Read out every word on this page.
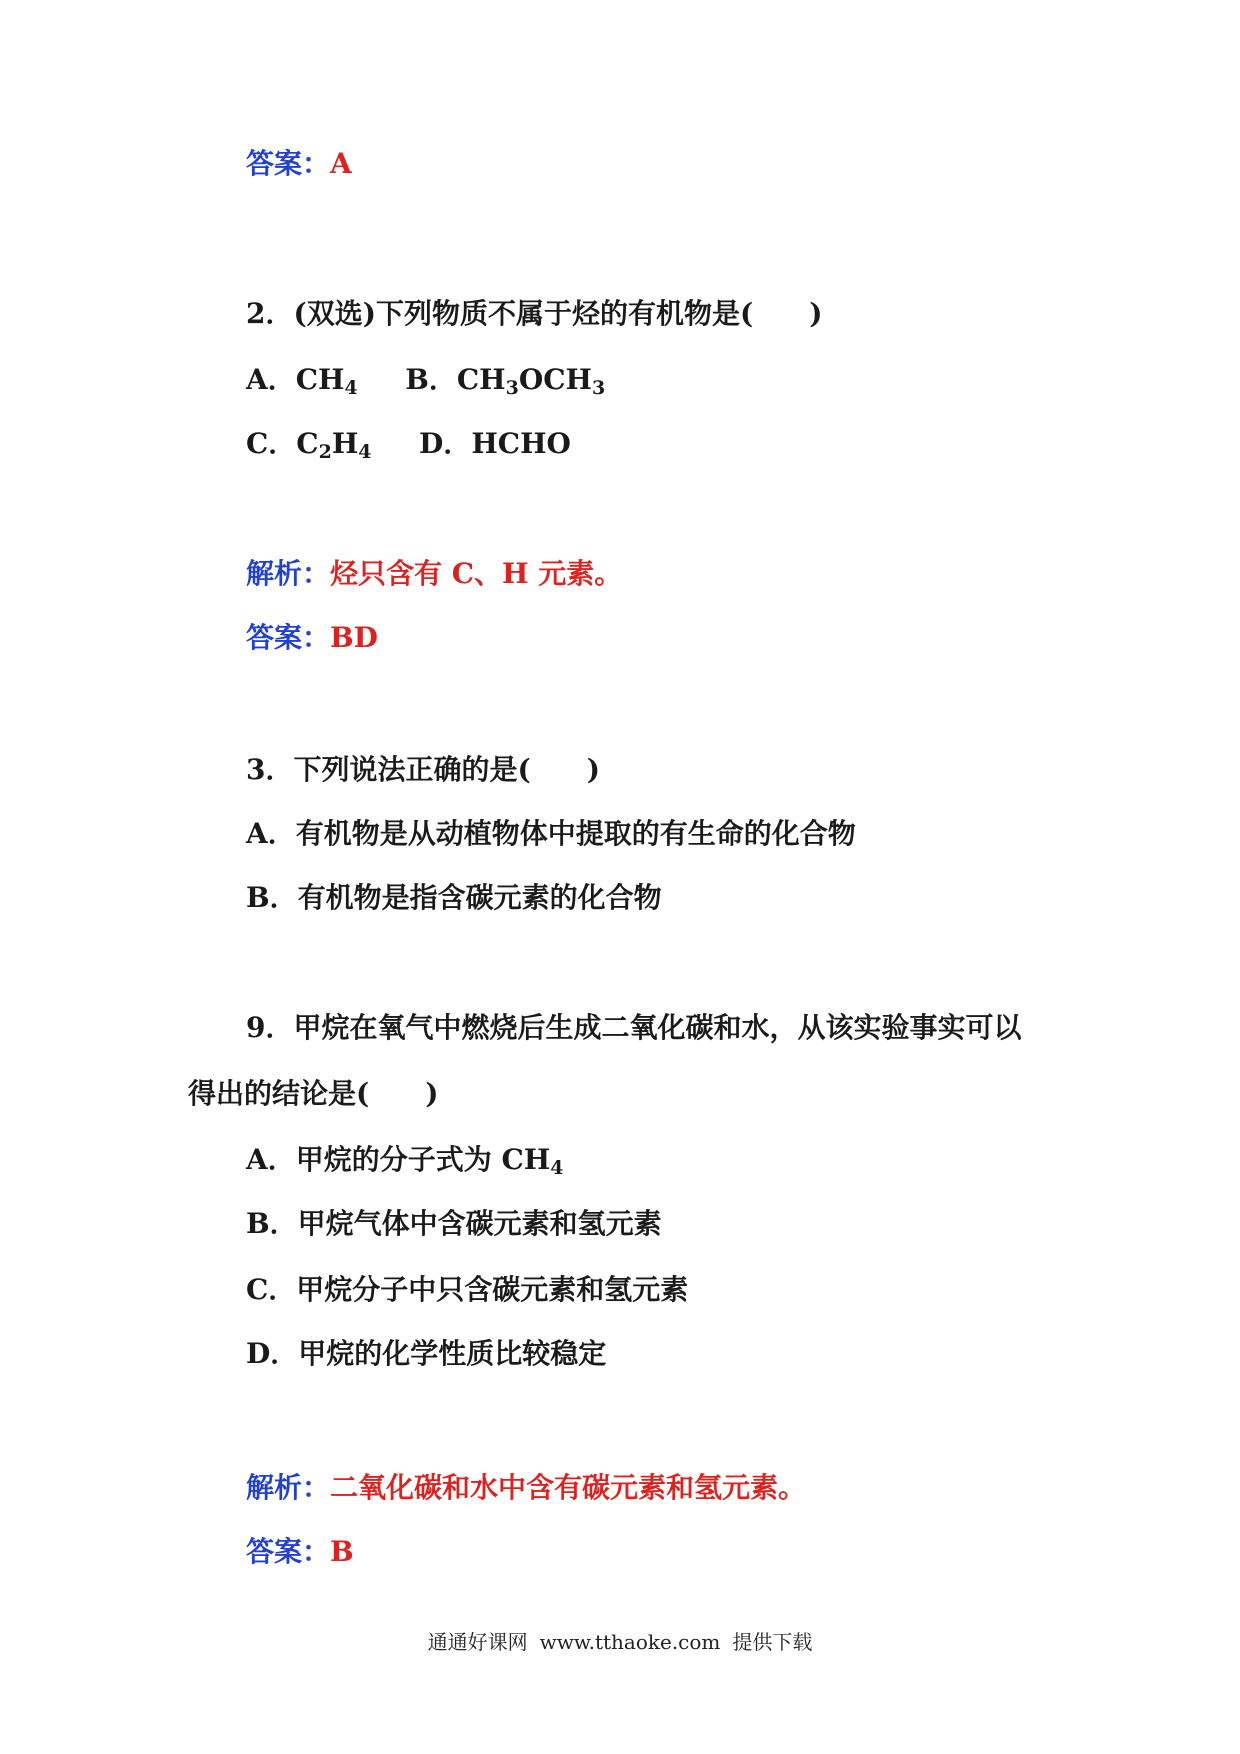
答案：A
2．(双选)下列物质不属于烃的有机物是(　　)
A．$CH_4$ B．$CH_3OCH_3$
C．$C_2H_4$ D．HCHO
解析：烃只含有 C、H 元素。
答案：BD
3．下列说法正确的是(　　)
A．有机物是从动植物体中提取的有生命的化合物
B．有机物是指含碳元素的化合物
9．甲烷在氧气中燃烧后生成二氧化碳和水，从该实验事实可以
得出的结论是(　　)
A．甲烷的分子式为 $CH_4$
B．甲烷气体中含碳元素和氢元素
C．甲烷分子中只含碳元素和氢元素
D．甲烷的化学性质比较稳定
解析：二氧化碳和水中含有碳元素和氢元素。
答案：B
通通好课网 www.tthaoke.com 提供下载
